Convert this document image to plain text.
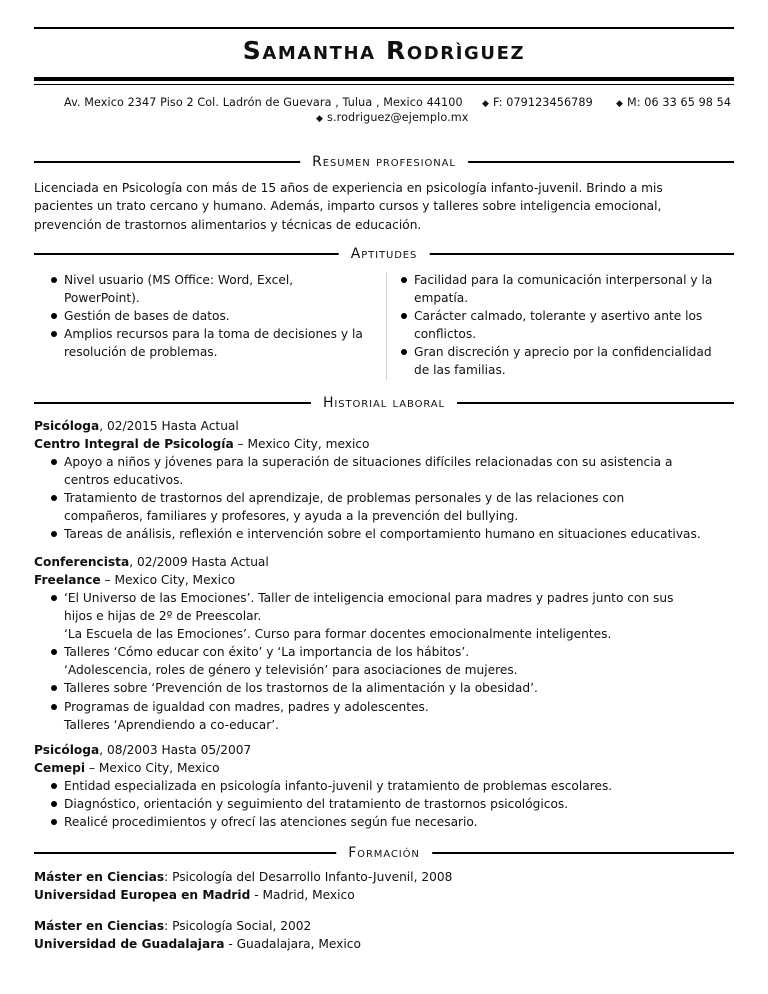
Samantha Rodrìguez
Av. Mexico 2347 Piso 2 Col. Ladrón de Guevara , Tulua , Mexico 44100 ◆ F: 079123456789	◆ M: 06 33 65 98 54
◆ s.rodriguez@ejemplo.mx
Resumen profesional
Licenciada en Psicología con más de 15 años de experiencia en psicología infanto-juvenil. Brindo a mis
pacientes un trato cercano y humano. Además, imparto cursos y talleres sobre inteligencia emocional,
prevención de trastornos alimentarios y técnicas de educación.
Aptitudes
Nivel usuario (MS Office: Word, Excel,
PowerPoint).
Gestión de bases de datos.
Amplios recursos para la toma de decisiones y la
resolución de problemas.
Facilidad para la comunicación interpersonal y la
empatía.
Carácter calmado, tolerante y asertivo ante los
conflictos.
Gran discreción y aprecio por la confidencialidad
de las familias.
Historial laboral
Psicóloga, 02/2015 Hasta Actual
Centro Integral de Psicología – Mexico City, mexico
Apoyo a niños y jóvenes para la superación de situaciones difíciles relacionadas con su asistencia a
centros educativos.
Tratamiento de trastornos del aprendizaje, de problemas personales y de las relaciones con
compañeros, familiares y profesores, y ayuda a la prevención del bullying.
Tareas de análisis, reflexión e intervención sobre el comportamiento humano en situaciones educativas.
Conferencista, 02/2009 Hasta Actual
Freelance – Mexico City, Mexico
‘El Universo de las Emociones’. Taller de inteligencia emocional para madres y padres junto con sus
hijos e hijas de 2º de Preescolar.
‘La Escuela de las Emociones’. Curso para formar docentes emocionalmente inteligentes.
Talleres ‘Cómo educar con éxito’ y ‘La importancia de los hábitos’.
‘Adolescencia, roles de género y televisión’ para asociaciones de mujeres.
Talleres sobre ‘Prevención de los trastornos de la alimentación y la obesidad’.
Programas de igualdad con madres, padres y adolescentes.
Talleres ‘Aprendiendo a co-educar’.
Psicóloga, 08/2003 Hasta 05/2007
Cemepi – Mexico City, Mexico
Entidad especializada en psicología infanto-juvenil y tratamiento de problemas escolares.
Diagnóstico, orientación y seguimiento del tratamiento de trastornos psicológicos.
Realicé procedimientos y ofrecí las atenciones según fue necesario.
Formación
Máster en Ciencias: Psicología del Desarrollo Infanto-Juvenil, 2008
Universidad Europea en Madrid - Madrid, Mexico
Máster en Ciencias: Psicología Social, 2002
Universidad de Guadalajara - Guadalajara, Mexico
